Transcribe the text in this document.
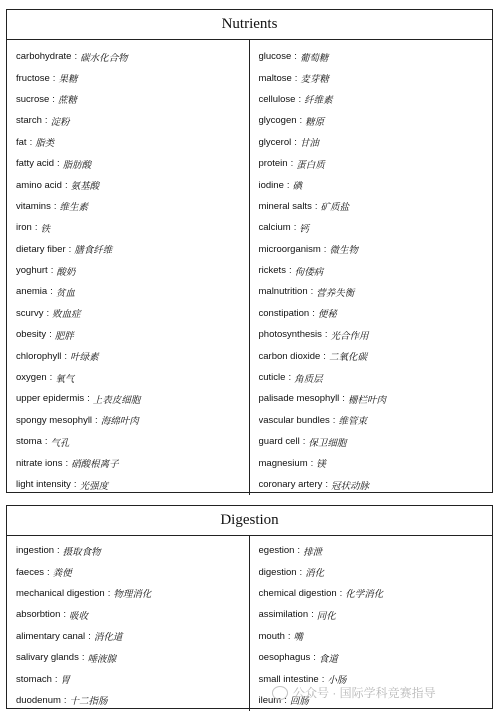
Nutrients
carbohydrate : 碳水化合物
fructose : 果糖
sucrose : 蔗糖
starch : 淀粉
fat : 脂类
fatty acid : 脂肪酸
amino acid : 氨基酸
vitamins : 维生素
iron : 铁
dietary fiber : 膳食纤维
yoghurt : 酸奶
anemia : 贫血
scurvy : 败血症
obesity : 肥胖
chlorophyll : 叶绿素
oxygen : 氧气
upper epidermis : 上表皮细胞
spongy mesophyll : 海绵叶肉
stoma : 气孔
nitrate ions : 硝酸根离子
light intensity : 光强度
glucose : 葡萄糖
maltose : 麦芽糖
cellulose : 纤维素
glycogen : 糖原
glycerol : 甘油
protein : 蛋白质
iodine : 碘
mineral salts : 矿质盐
calcium : 钙
microorganism : 微生物
rickets : 佝偻病
malnutrition : 营养失衡
constipation : 便秘
photosynthesis : 光合作用
carbon dioxide : 二氧化碳
cuticle : 角质层
palisade mesophyll : 栅栏叶肉
vascular bundles : 维管束
guard cell : 保卫细胞
magnesium : 镁
coronary artery : 冠状动脉
Digestion
ingestion : 摄取食物
faeces : 粪便
mechanical digestion : 物理消化
absorbtion : 吸收
alimentary canal : 消化道
salivary glands : 唾液腺
stomach : 胃
duodenum : 十二指肠
egestion : 排泄
digestion : 消化
chemical digestion : 化学消化
assimilation : 同化
mouth : 嘴
oesophagus : 食道
small intestine : 小肠
ileum : 回肠
公众号 · 国际学科竞赛指导
